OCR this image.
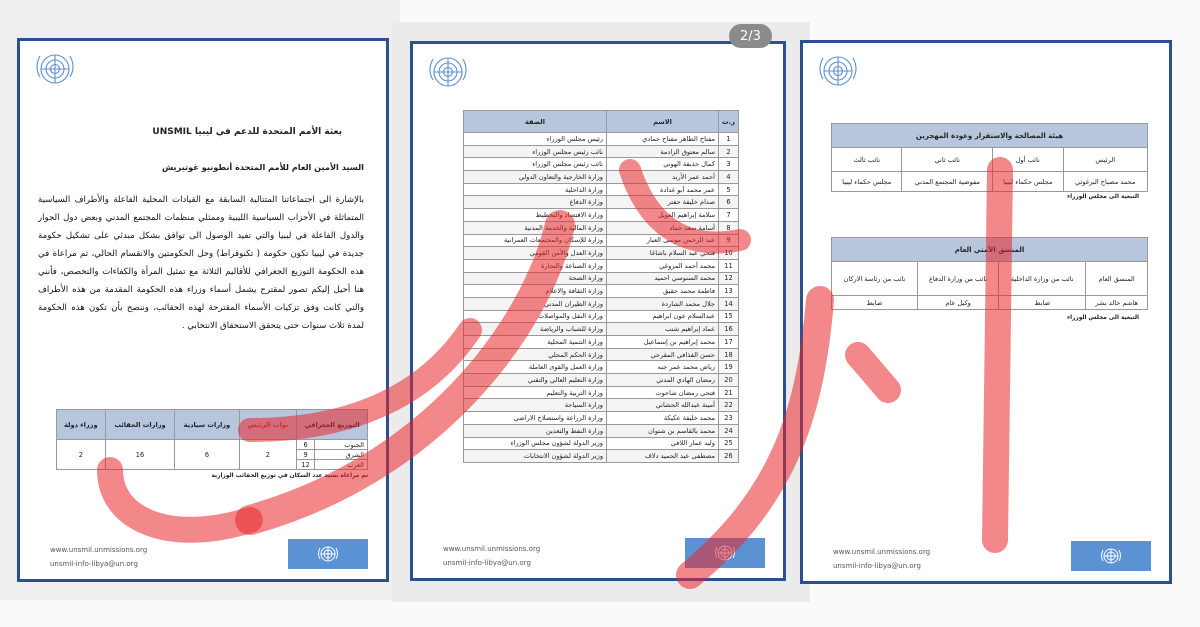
بعثة الأمم المتحدة للدعم في ليبيا UNSMIL
السيد الأمين العام للأمم المتحدة أنطونيو غوتيريش
بالإشارة الى اجتماعاتنا المتتالية السابقة مع القيادات المحلية الفاعلة والأطراف السياسية المتماثلة في الأحزاب السياسية الليبية وممثلي منظمات المجتمع المدني وبعض دول الجوار والدول الفاعلة في ليبيا والتي تفيد الوصول الى توافق بشكل مبدئي على تشكيل حكومة جديدة في ليبيا تكون حكومة ( تكنوقراط) وحل الحكومتين والانقسام الحالي، تم مراعاة في هذه الحكومة التوزيع الجغرافي للأقاليم الثلاثة مع تمثيل المرأة والكفاءات والتخصص، فأنني هنا أحيل إليكم تصور لمقترح يشمل أسماء وزراء هذه الحكومة المقدمة من هذه الأطراف والتي كانت وفق تزكيات الأسماء المقترحة لهذه الحقائب، وننصح بأن تكون هذه الحكومة لمدة ثلاث سنوات حتى يتحقق الاستحقاق الانتخابي .
التوزيع الجغرافي		نواب الرئيس	وزارات سيادية	وزارات الحقائب	وزراء دولة
الجنوب	6	2	6	16	2
الشرق	9				
الغرب	12				
تم مراعاة نسبة عدد السكان في توزيع الحقائب الوزارية
www.unsmil.unmissions.org
unsmil-info-libya@un.org
ر.ت	الاسم	الصفة
1	مفتاح الطاهر مفتاح حمادي	رئيس مجلس الوزراء
2	سالم معتوق الزادمة	نائب رئيس مجلس الوزراء
3	كمال حذيفة الهوني	نائب رئيس مجلس الوزراء
4	أحمد عمر الأربد	وزارة الخارجية والتعاون الدولي
5	عمر محمد أبو غدادة	وزارة الداخلية
6	صدام خليفة حفتر	وزارة الدفاع
7	سلامة إبراهيم الغويل	وزارة الاقتصاد والتخطيط
8	أسامة سعد حماد	وزارة المالية والخدمة المدنية
9	عبد الرحمن موسى العبار	وزارة للإسكان والمجتمعات العمرانية
10	فتحي عبد السلام باشاغا	وزارة العدل والأمن القومي
11	محمد أحمد المزوغي	وزارة الصناعة والتجارة
12	محمد السنوسي احميد	وزارة الصحة
13	فاطمة محمد حقيق	وزارة الثقافة والاعلام
14	جلال محمد الشاردة	وزارة الطيران المدني
15	عبدالسلام عون ابراهيم	وزارة النقل والمواصلات
16	عماد إبراهيم شنب	وزارة للشباب والرياضة
17	محمد إبراهيم بن إسماعيل	وزارة التنمية المحلية
18	حسن القذافي المقرحي	وزارة الحكم المحلي
19	رياض محمد عمر جبه	وزارة العمل والقوى العاملة
20	رمضان الهادي المدني	وزارة التعليم العالي والتقني
21	فتحي رمضان شاحوت	وزارة التربية والتعليم
22	أمينة عبدالله الحشاني	وزارة السياحة
23	محمد خليفة عكيكة	وزارة الزراعة واستصلاح الاراضي
24	محمد بالقاسم بن شتوان	وزارة النفط والتعدين
25	وليد عمار اللافي	وزير الدولة لشؤون مجلس الوزراء
26	مصطفى عبد الحميد دلاف	وزير الدولة لشؤون الانتخابات
www.unsmil.unmissions.org
unsmil-info-libya@un.org
هيئة المصالحة والاستقرار وعودة المهجرين			
الرئيس	نائب أول	نائب ثاني	نائب ثالث
محمد مصباح البرغوثي	مجلس حكماء ليبيا	مفوضية المجتمع المدني	مجلس حكماء ليبيا
التبعية الى مجلس الوزراء
المنسق الأمني العام			
المنسق العام	نائب من وزارة الداخلية	نائب من وزارة الدفاع	نائب من رئاسة الاركان
هاشم خالد بشر	ضابط	وكيل عام	ضابط
التبعية الى مجلس الوزراء
www.unsmil.unmissions.org
unsmil-info-libya@un.org
2/3
